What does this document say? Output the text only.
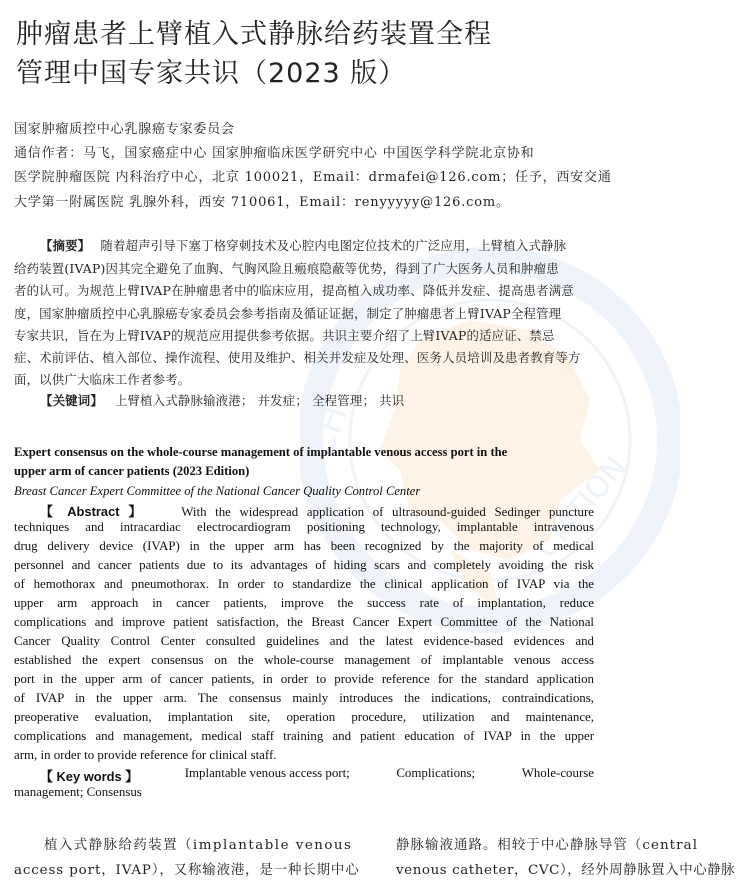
CH
CIATION
肿瘤患者上臂植入式静脉给药装置全程
管理中国专家共识（2023 版）
国家肿瘤质控中心乳腺癌专家委员会
通信作者：马飞，国家癌症中心 国家肿瘤临床医学研究中心 中国医学科学院北京协和
医学院肿瘤医院 内科治疗中心，北京 100021，Email：drmafei@126.com；任予，西安交通
大学第一附属医院 乳腺外科，西安 710061，Email：renyyyyy@126.com。
【摘要】 随着超声引导下塞丁格穿刺技术及心腔内电图定位技术的广泛应用，上臂植入式静脉
给药装置(IVAP)因其完全避免了血胸、气胸风险且瘢痕隐蔽等优势，得到了广大医务人员和肿瘤患
者的认可。为规范上臂IVAP在肿瘤患者中的临床应用，提高植入成功率、降低并发症、提高患者满意
度，国家肿瘤质控中心乳腺癌专家委员会参考指南及循证证据，制定了肿瘤患者上臂IVAP全程管理
专家共识，旨在为上臂IVAP的规范应用提供参考依据。共识主要介绍了上臂IVAP的适应证、禁忌
症、术前评估、植入部位、操作流程、使用及维护、相关并发症及处理、医务人员培训及患者教育等方
面，以供广大临床工作者参考。
【关键词】 上臂植入式静脉输液港； 并发症； 全程管理； 共识
Expert consensus on the whole-course management of implantable venous access port in the
upper arm of cancer patients (2023 Edition)
Breast Cancer Expert Committee of the National Cancer Quality Control Center
【 Abstract 】	With the widespread application of ultrasound-guided Sedinger puncture
techniques and intracardiac electrocardiogram positioning technology, implantable intravenous
drug delivery device (IVAP) in the upper arm has been recognized by the majority of medical
personnel and cancer patients due to its advantages of hiding scars and completely avoiding the risk
of hemothorax and pneumothorax. In order to standardize the clinical application of IVAP via the
upper arm approach in cancer patients, improve the success rate of implantation, reduce
complications and improve patient satisfaction, the Breast Cancer Expert Committee of the National
Cancer Quality Control Center consulted guidelines and the latest evidence-based evidences and
established the expert consensus on the whole-course management of implantable venous access
port in the upper arm of cancer patients, in order to provide reference for the standard application
of IVAP in the upper arm. The consensus mainly introduces the indications, contraindications,
preoperative evaluation, implantation site, operation procedure, utilization and maintenance,
complications and management, medical staff training and patient education of IVAP in the upper
arm, in order to provide reference for clinical staff.
【 Key words 】	Implantable venous access port;	Complications;	Whole-course
management; Consensus
植入式静脉给药装置（implantable venous
access port，IVAP），又称输液港，是一种长期中心
静脉输液通路。相较于中心静脉导管（central
venous catheter，CVC），经外周静脉置入中心静脉
